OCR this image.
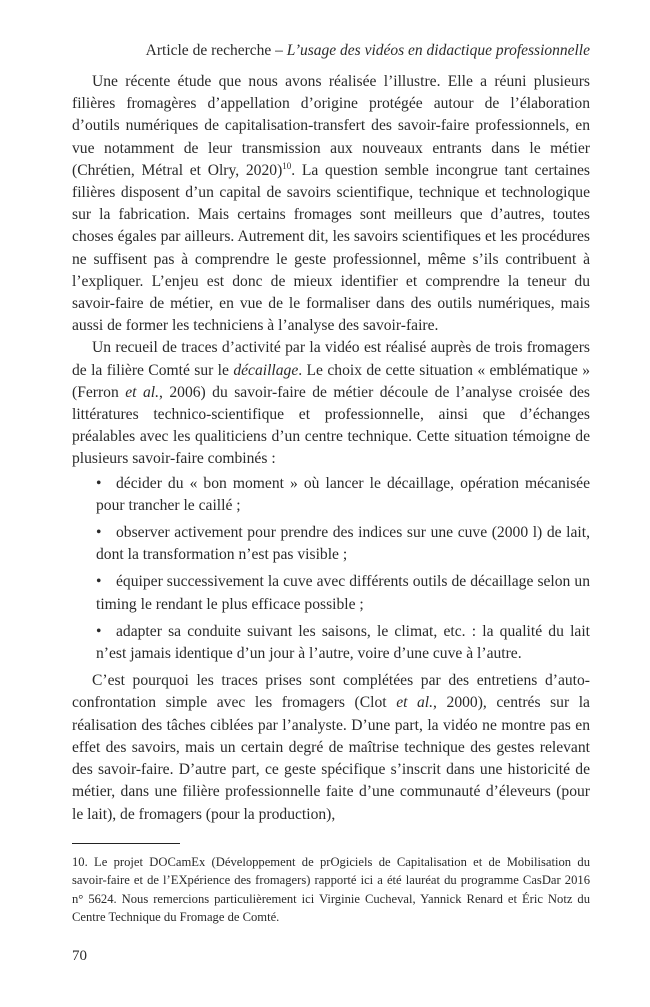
Article de recherche – L’usage des vidéos en didactique professionnelle

Une récente étude que nous avons réalisée l’illustre. Elle a réuni plusieurs filières fromagères d’appellation d’origine protégée autour de l’élaboration d’outils numériques de capitalisation-transfert des savoir-faire professionnels, en vue notamment de leur transmission aux nouveaux entrants dans le métier (Chrétien, Métral et Olry, 2020)$^{10}$. La question semble incongrue tant certaines filières disposent d’un capital de savoirs scientifique, technique et technologique sur la fabrication. Mais certains fromages sont meilleurs que d’autres, toutes choses égales par ailleurs. Autrement dit, les savoirs scientifiques et les procédures ne suffisent pas à comprendre le geste professionnel, même s’ils contribuent à l’expliquer. L’enjeu est donc de mieux identifier et comprendre la teneur du savoir-faire de métier, en vue de le formaliser dans des outils numériques, mais aussi de former les techniciens à l’analyse des savoir-faire.

Un recueil de traces d’activité par la vidéo est réalisé auprès de trois fromagers de la filière Comté sur le décaillage. Le choix de cette situation « emblématique » (Ferron et al., 2006) du savoir-faire de métier découle de l’analyse croisée des littératures technico-scientifique et professionnelle, ainsi que d’échanges préalables avec les qualiticiens d’un centre technique. Cette situation témoigne de plusieurs savoir-faire combinés :

• décider du « bon moment » où lancer le décaillage, opération mécanisée pour trancher le caillé ;
• observer activement pour prendre des indices sur une cuve (2000 l) de lait, dont la transformation n’est pas visible ;
• équiper successivement la cuve avec différents outils de décaillage selon un timing le rendant le plus efficace possible ;
• adapter sa conduite suivant les saisons, le climat, etc. : la qualité du lait n’est jamais identique d’un jour à l’autre, voire d’une cuve à l’autre.

C’est pourquoi les traces prises sont complétées par des entretiens d’auto-confrontation simple avec les fromagers (Clot et al., 2000), centrés sur la réalisation des tâches ciblées par l’analyste. D’une part, la vidéo ne montre pas en effet des savoirs, mais un certain degré de maîtrise technique des gestes relevant des savoir-faire. D’autre part, ce geste spécifique s’inscrit dans une historicité de métier, dans une filière professionnelle faite d’une communauté d’éleveurs (pour le lait), de fromagers (pour la production),

10. Le projet DOCamEx (Développement de prOgiciels de Capitalisation et de Mobilisation du savoir-faire et de l’EXpérience des fromagers) rapporté ici a été lauréat du programme CasDar 2016 n° 5624. Nous remercions particulièrement ici Virginie Cucheval, Yannick Renard et Éric Notz du Centre Technique du Fromage de Comté.

70
